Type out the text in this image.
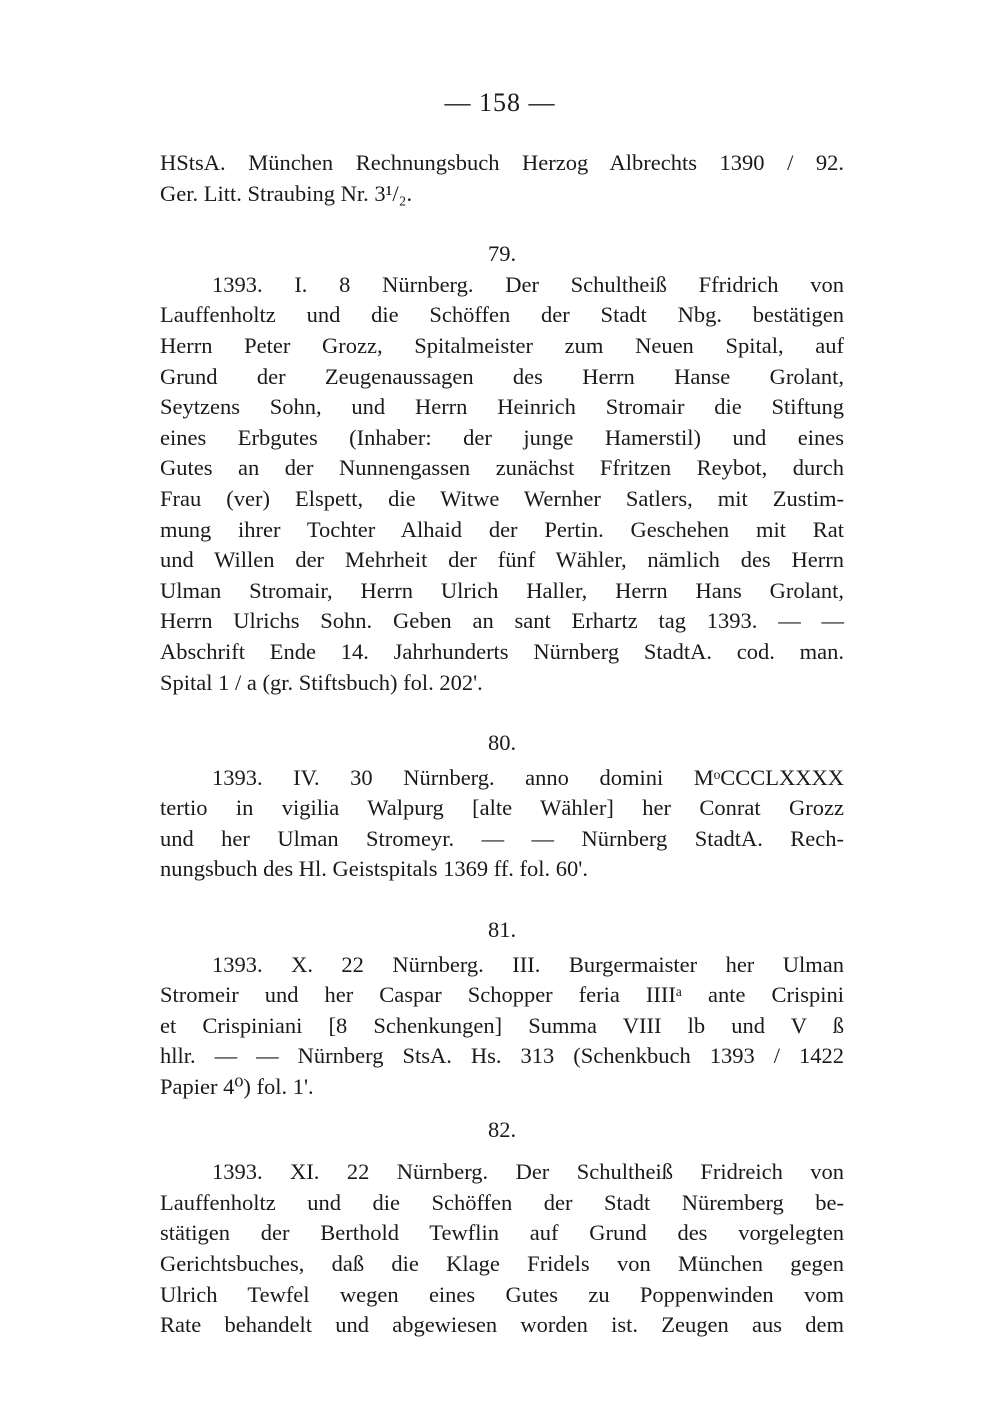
— 158 —
HStsA. München Rechnungsbuch Herzog Albrechts 1390 / 92.
Ger. Litt. Straubing Nr. 3¹/₂.
79.
1393. I. 8 Nürnberg. Der Schultheiß Ffridrich von
Lauffenholtz und die Schöffen der Stadt Nbg. bestätigen
Herrn Peter Grozz, Spitalmeister zum Neuen Spital, auf
Grund der Zeugenaussagen des Herrn Hanse Grolant,
Seytzens Sohn, und Herrn Heinrich Stromair die Stiftung
eines Erbgutes (Inhaber: der junge Hamerstil) und eines
Gutes an der Nunnengassen zunächst Ffritzen Reybot, durch
Frau (ver) Elspett, die Witwe Wernher Satlers, mit Zustim-
mung ihrer Tochter Alhaid der Pertin. Geschehen mit Rat
und Willen der Mehrheit der fünf Wähler, nämlich des Herrn
Ulman Stromair, Herrn Ulrich Haller, Herrn Hans Grolant,
Herrn Ulrichs Sohn. Geben an sant Erhartz tag 1393. — —
Abschrift Ende 14. Jahrhunderts Nürnberg StadtA. cod. man.
Spital 1 / a (gr. Stiftsbuch) fol. 202'.
80.
1393. IV. 30 Nürnberg. anno domini MᵒCCCLXXXX
tertio in vigilia Walpurg [alte Wähler] her Conrat Grozz
und her Ulman Stromeyr. — — Nürnberg StadtA. Rech-
nungsbuch des Hl. Geistspitals 1369 ff. fol. 60'.
81.
1393. X. 22 Nürnberg. III. Burgermaister her Ulman
Stromeir und her Caspar Schopper feria IIIIᵃ ante Crispini
et Crispiniani [8 Schenkungen] Summa VIII lb und V ß
hllr. — — Nürnberg StsA. Hs. 313 (Schenkbuch 1393 / 1422
Papier 4⁰) fol. 1'.
82.
1393. XI. 22 Nürnberg. Der Schultheiß Fridreich von
Lauffenholtz und die Schöffen der Stadt Nüremberg be-
stätigen der Berthold Tewflin auf Grund des vorgelegten
Gerichtsbuches, daß die Klage Fridels von München gegen
Ulrich Tewfel wegen eines Gutes zu Poppenwinden vom
Rate behandelt und abgewiesen worden ist. Zeugen aus dem
